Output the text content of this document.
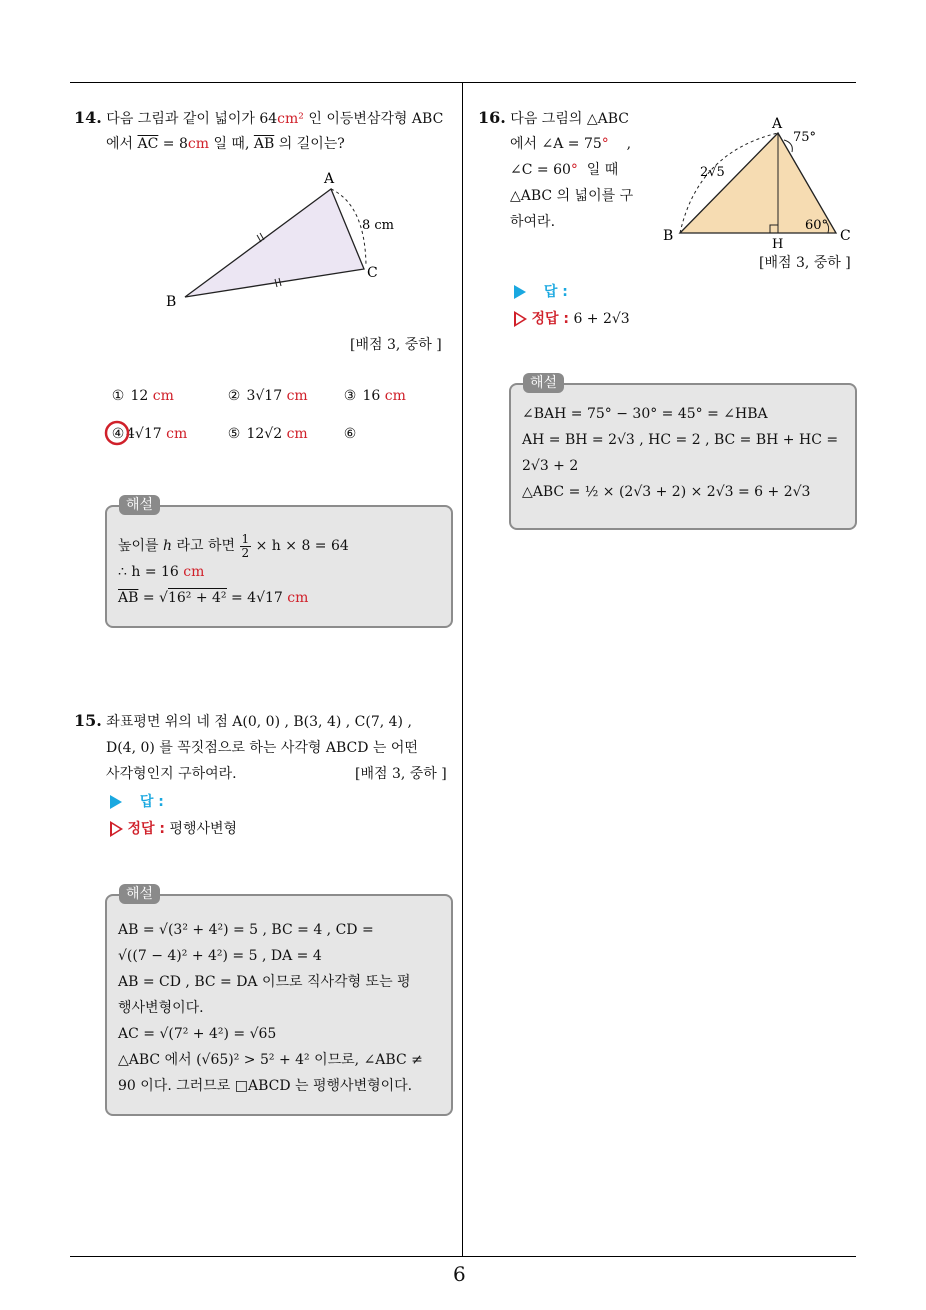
6
14. 다음 그림과 같이 넓이가 64cm² 인 이등변삼각형 ABC
에서 $\overline{AC} = 8cm$ 일 때, $\overline{AB}$ 의 길이는?
A
B
C
8 cm
[배점 3, 중하 ]
① 12 cm	② 3√17 cm	③ 16 cm
④ 4√17 cm	⑤ 12√2 cm	⑥
해설
높이를 h 라고 하면 $\frac{1}{2} \times h \times 8 = 64$
∴ h = 16 cm
$\overline{AB} = √16^2 + 4^2 = 4√17$ cm
15. 좌표평면 위의 네 점 A(0, 0) , B(3, 4) , C(7, 4) ,
D(4, 0) 를 꼭짓점으로 하는 사각형 ABCD 는 어떤
사각형인지 구하여라.	[배점 3, 중하 ]
답 :
정답 : 평행사변형
해설
AB = √(3² + 4²) = 5 , BC = 4 , CD =
√((7 − 4)² + 4²) = 5 , DA = 4
AB = CD , BC = DA 이므로 직사각형 또는 평
행사변형이다.
AC = √(7² + 4²) = √65
△ABC 에서 (√65)² > 5² + 4² 이므로, ∠ABC ≠
90 이다. 그러므로 □ABCD 는 평행사변형이다.
16. 다음 그림의 △ABC
에서 ∠A = 75° ,
∠C = 60° 일 때
△ABC 의 넓이를 구
하여라.
A
B	C
H
75°
60°
2√5
[배점 3, 중하 ]
답 :
정답 : 6 + 2√3
해설
∠BAH = 75° − 30° = 45° = ∠HBA
AH = BH = 2√3 , HC = 2 , BC = BH + HC =
2√3 + 2
△ABC = ½ × (2√3 + 2) × 2√3 = 6 + 2√3
